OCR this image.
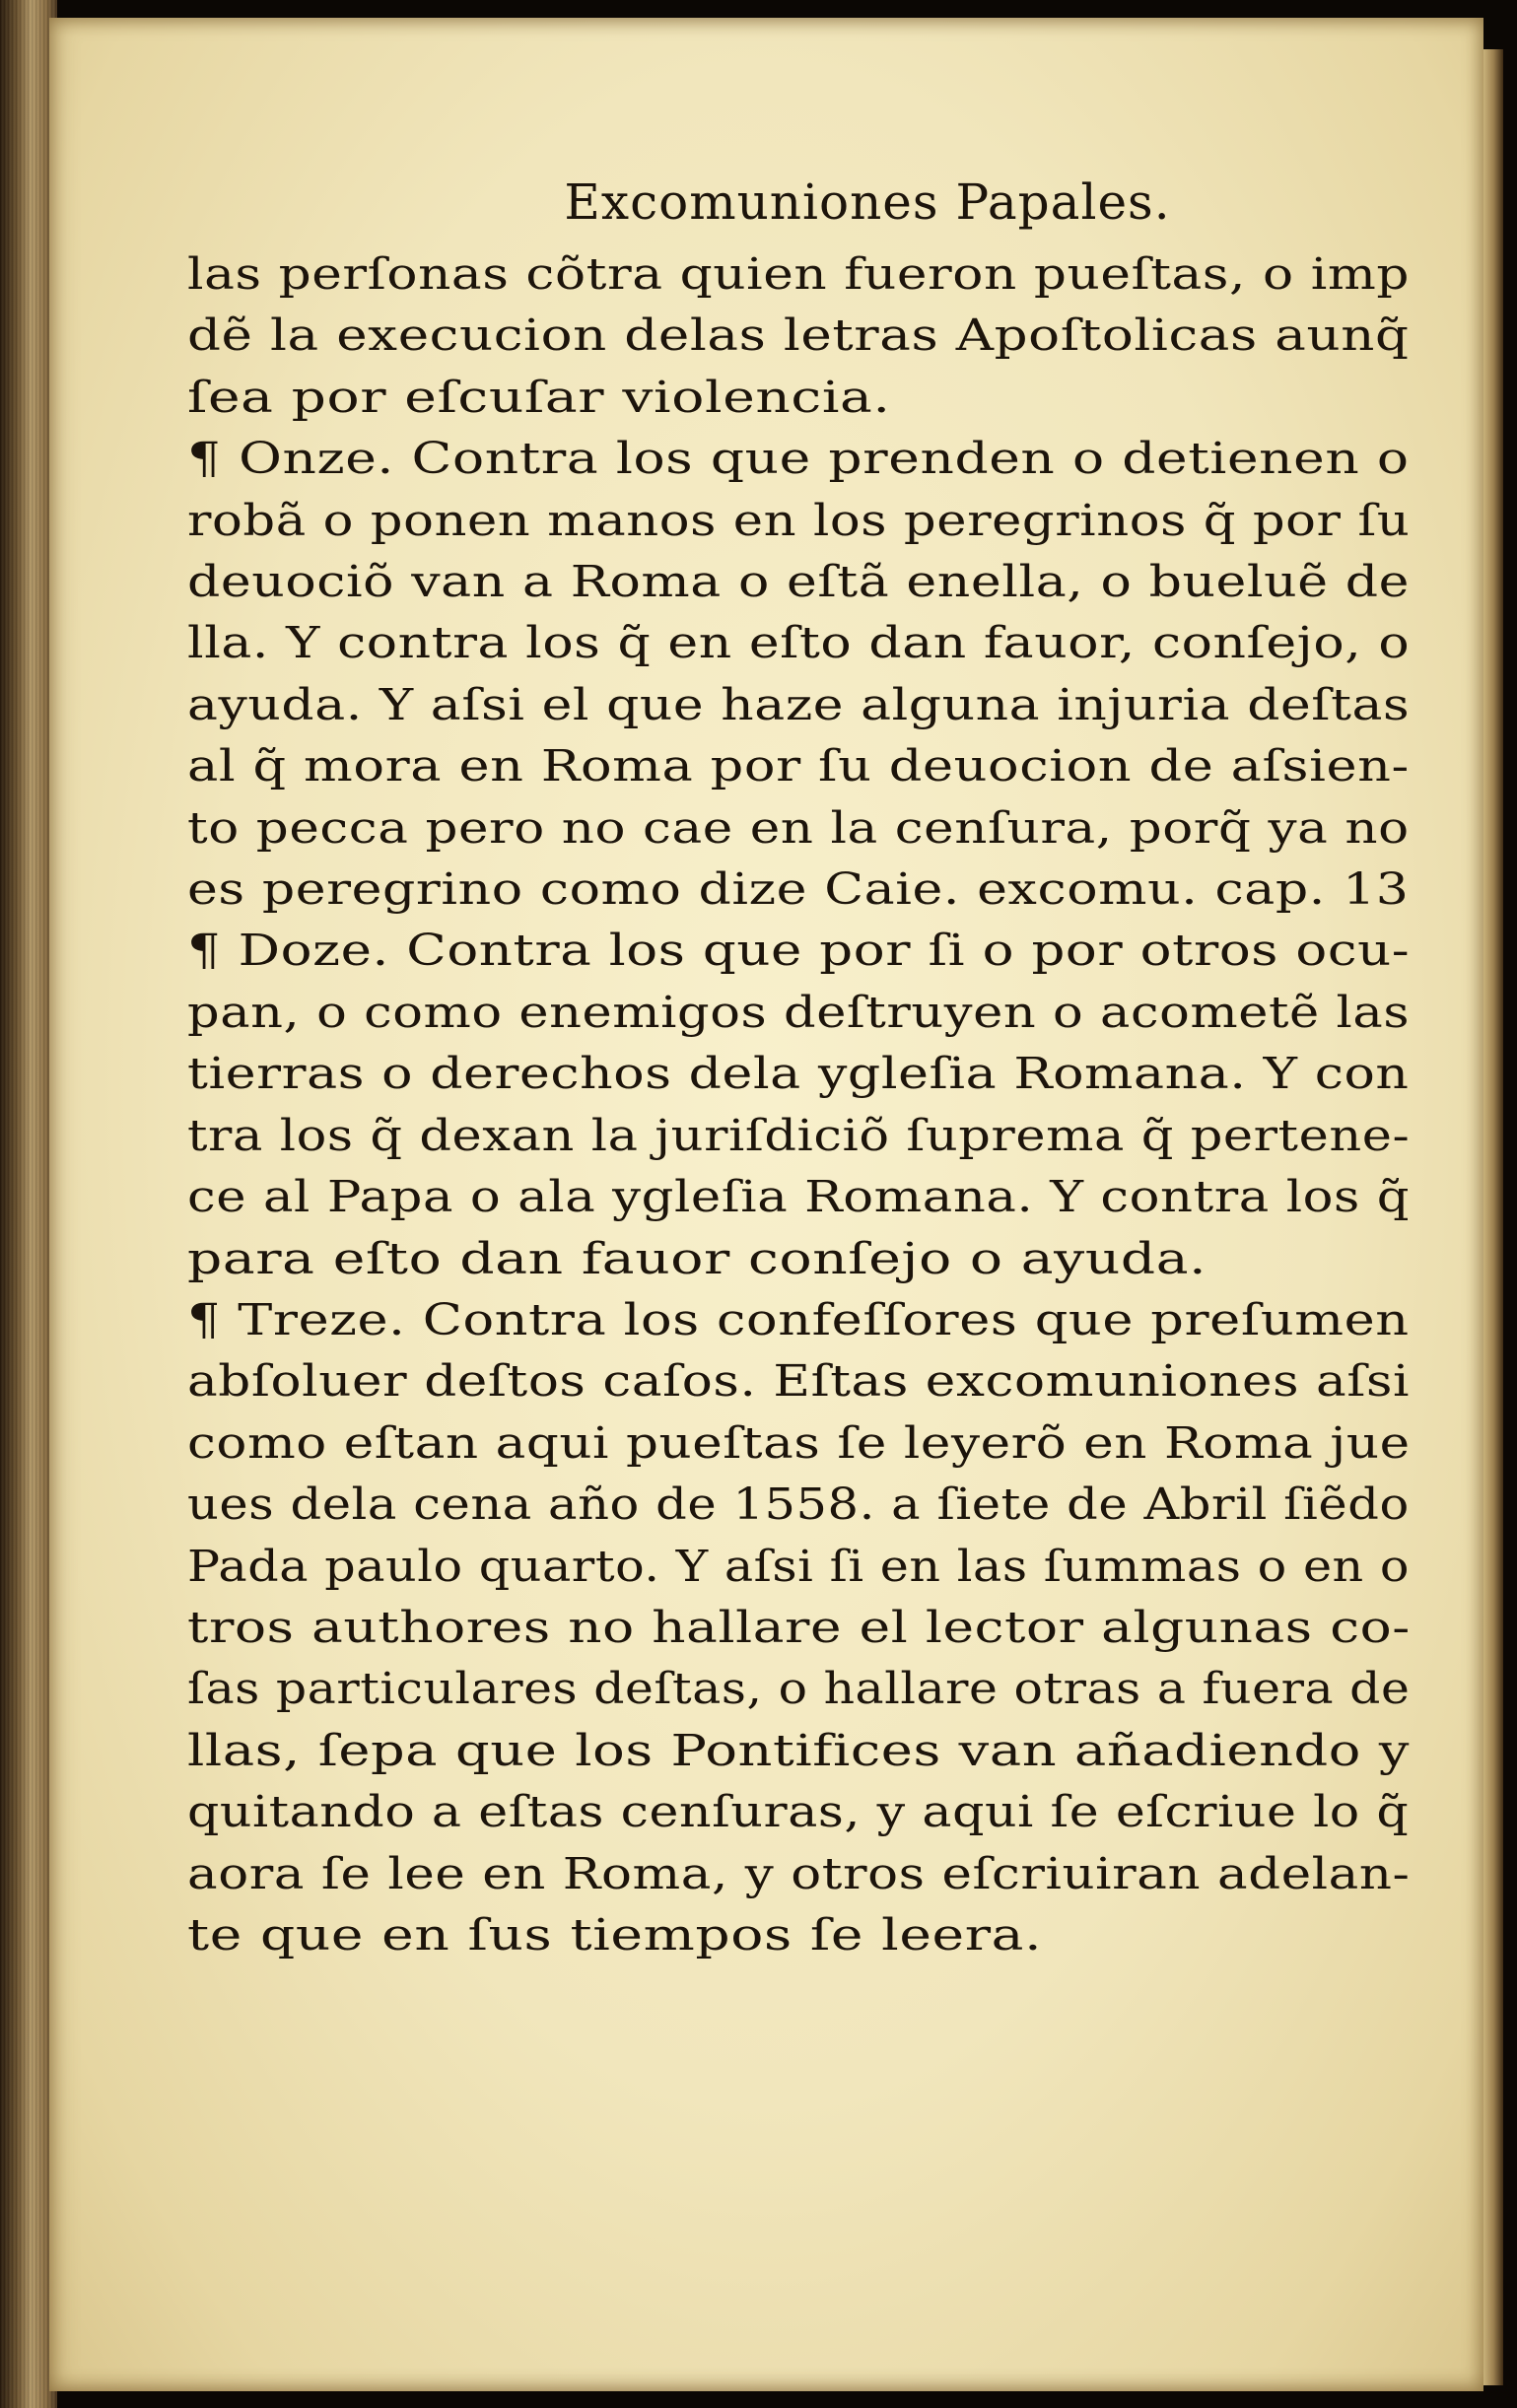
Excomuniones Papales.
las perſonas cõtra quien fueron pueſtas, o imp
dẽ la execucion delas letras Apoſtolicas aunq̃
ſea por eſcuſar violencia.
¶ Onze. Contra los que prenden o detienen o
robã o ponen manos en los peregrinos q̃ por ſu
deuociõ van a Roma o eſtã enella, o bueluẽ de
lla. Y contra los q̃ en eſto dan fauor, conſejo, o
ayuda. Y aſsi el que haze alguna injuria deſtas
al q̃ mora en Roma por ſu deuocion de aſsien-
to pecca pero no cae en la cenſura, porq̃ ya no
es peregrino como dize Caie. excomu. cap. 13
¶ Doze. Contra los que por ſi o por otros ocu-
pan, o como enemigos deſtruyen o acometẽ las
tierras o derechos dela ygleſia Romana. Y con
tra los q̃ dexan la juriſdiciõ ſuprema q̃ pertene-
ce al Papa o ala ygleſia Romana. Y contra los q̃
para eſto dan fauor conſejo o ayuda.
¶ Treze. Contra los confeſſores que preſumen
abſoluer deſtos caſos. Eſtas excomuniones aſsi
como eſtan aqui pueſtas ſe leyerõ en Roma jue
ues dela cena año de 1558. a ſiete de Abril ſiẽdo
Pada paulo quarto. Y aſsi ſi en las ſummas o en o
tros authores no hallare el lector algunas co-
ſas particulares deſtas, o hallare otras a fuera de
llas, ſepa que los Pontifices van añadiendo y
quitando a eſtas cenſuras, y aqui ſe eſcriue lo q̃
aora ſe lee en Roma, y otros eſcriuiran adelan-
te que en ſus tiempos ſe leera.
